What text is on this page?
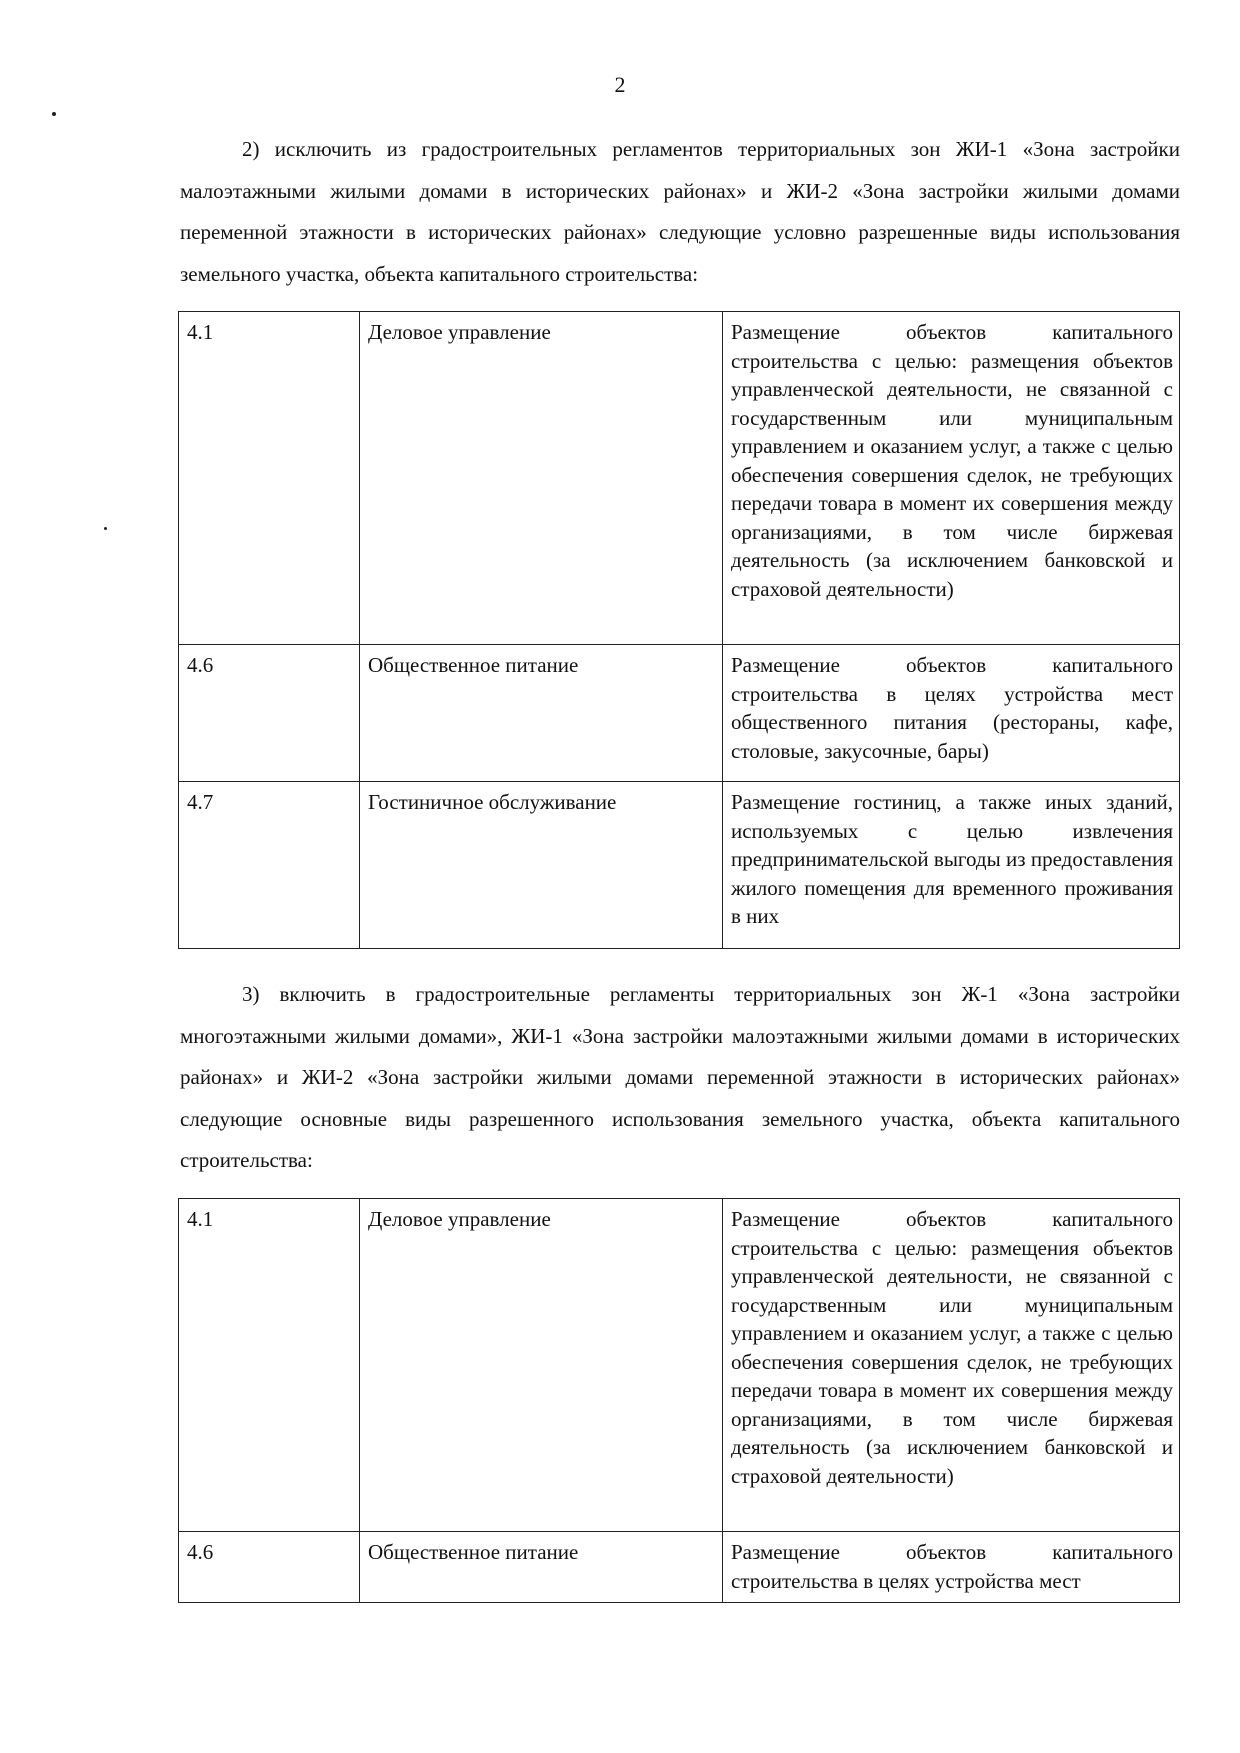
2

2) исключить из градостроительных регламентов территориальных зон ЖИ-1 «Зона застройки малоэтажными жилыми домами в исторических районах» и ЖИ-2 «Зона застройки жилыми домами переменной этажности в исторических районах» следующие условно разрешенные виды использования земельного участка, объекта капитального строительства:

4.1	Деловое управление	Размещение объектов капитального строительства с целью: размещения объектов управленческой деятельности, не связанной с государственным или муниципальным управлением и оказанием услуг, а также с целью обеспечения совершения сделок, не требующих передачи товара в момент их совершения между организациями, в том числе биржевая деятельность (за исключением банковской и страховой деятельности)
4.6	Общественное питание	Размещение объектов капитального строительства в целях устройства мест общественного питания (рестораны, кафе, столовые, закусочные, бары)
4.7	Гостиничное обслуживание	Размещение гостиниц, а также иных зданий, используемых с целью извлечения предпринимательской выгоды из предоставления жилого помещения для временного проживания в них

3) включить в градостроительные регламенты территориальных зон Ж-1 «Зона застройки многоэтажными жилыми домами», ЖИ-1 «Зона застройки малоэтажными жилыми домами в исторических районах» и ЖИ-2 «Зона застройки жилыми домами переменной этажности в исторических районах» следующие основные виды разрешенного использования земельного участка, объекта капитального строительства:

4.1	Деловое управление	Размещение объектов капитального строительства с целью: размещения объектов управленческой деятельности, не связанной с государственным или муниципальным управлением и оказанием услуг, а также с целью обеспечения совершения сделок, не требующих передачи товара в момент их совершения между организациями, в том числе биржевая деятельность (за исключением банковской и страховой деятельности)
4.6	Общественное питание	Размещение объектов капитального строительства в целях устройства мест
